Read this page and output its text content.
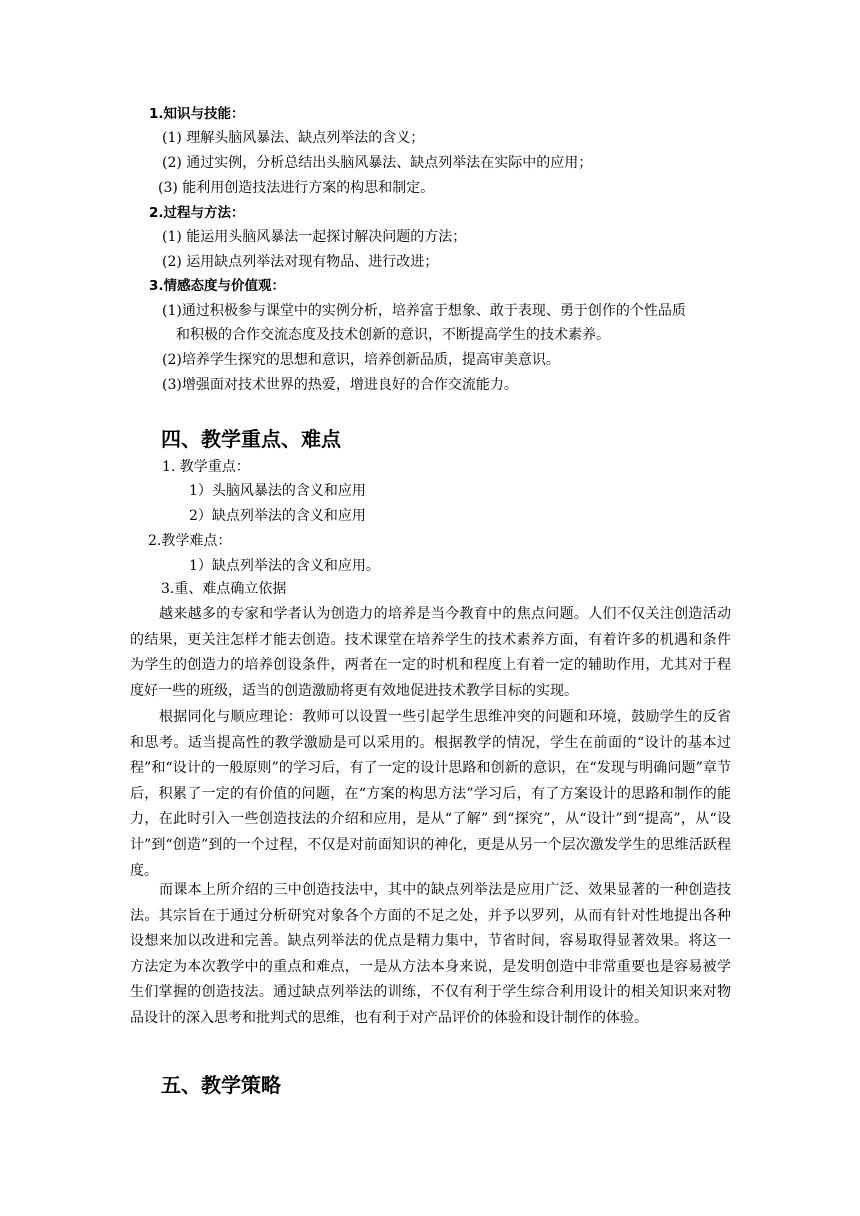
1.知识与技能：
(1) 理解头脑风暴法、缺点列举法的含义；
(2) 通过实例，分析总结出头脑风暴法、缺点列举法在实际中的应用；
(3) 能利用创造技法进行方案的构思和制定。
2.过程与方法：
(1) 能运用头脑风暴法一起探讨解决问题的方法；
(2) 运用缺点列举法对现有物品、进行改进；
3.情感态度与价值观：
(1)通过积极参与课堂中的实例分析，培养富于想象、敢于表现、勇于创作的个性品质
和积极的合作交流态度及技术创新的意识，不断提高学生的技术素养。
(2)培养学生探究的思想和意识，培养创新品质，提高审美意识。
(3)增强面对技术世界的热爱，增进良好的合作交流能力。
四、教学重点、难点
1. 教学重点：
1）头脑风暴法的含义和应用
2）缺点列举法的含义和应用
2.教学难点：
1）缺点列举法的含义和应用。
3.重、难点确立依据
越来越多的专家和学者认为创造力的培养是当今教育中的焦点问题。人们不仅关注创造活动的结果，更关注怎样才能去创造。技术课堂在培养学生的技术素养方面，有着许多的机遇和条件为学生的创造力的培养创设条件，两者在一定的时机和程度上有着一定的辅助作用，尤其对于程度好一些的班级，适当的创造激励将更有效地促进技术教学目标的实现。
根据同化与顺应理论：教师可以设置一些引起学生思维冲突的问题和环境，鼓励学生的反省和思考。适当提高性的教学激励是可以采用的。根据教学的情况，学生在前面的“设计的基本过程”和“设计的一般原则”的学习后，有了一定的设计思路和创新的意识，在“发现与明确问题”章节后，积累了一定的有价值的问题，在“方案的构思方法”学习后，有了方案设计的思路和制作的能力，在此时引入一些创造技法的介绍和应用，是从“了解” 到“探究”，从“设计”到“提高”，从“设计”到“创造”到的一个过程，不仅是对前面知识的神化，更是从另一个层次激发学生的思维活跃程度。
而课本上所介绍的三中创造技法中，其中的缺点列举法是应用广泛、效果显著的一种创造技法。其宗旨在于通过分析研究对象各个方面的不足之处，并予以罗列，从而有针对性地提出各种设想来加以改进和完善。缺点列举法的优点是精力集中，节省时间，容易取得显著效果。将这一方法定为本次教学中的重点和难点，一是从方法本身来说，是发明创造中非常重要也是容易被学生们掌握的创造技法。通过缺点列举法的训练，不仅有利于学生综合利用设计的相关知识来对物品设计的深入思考和批判式的思维，也有利于对产品评价的体验和设计制作的体验。
五、教学策略
